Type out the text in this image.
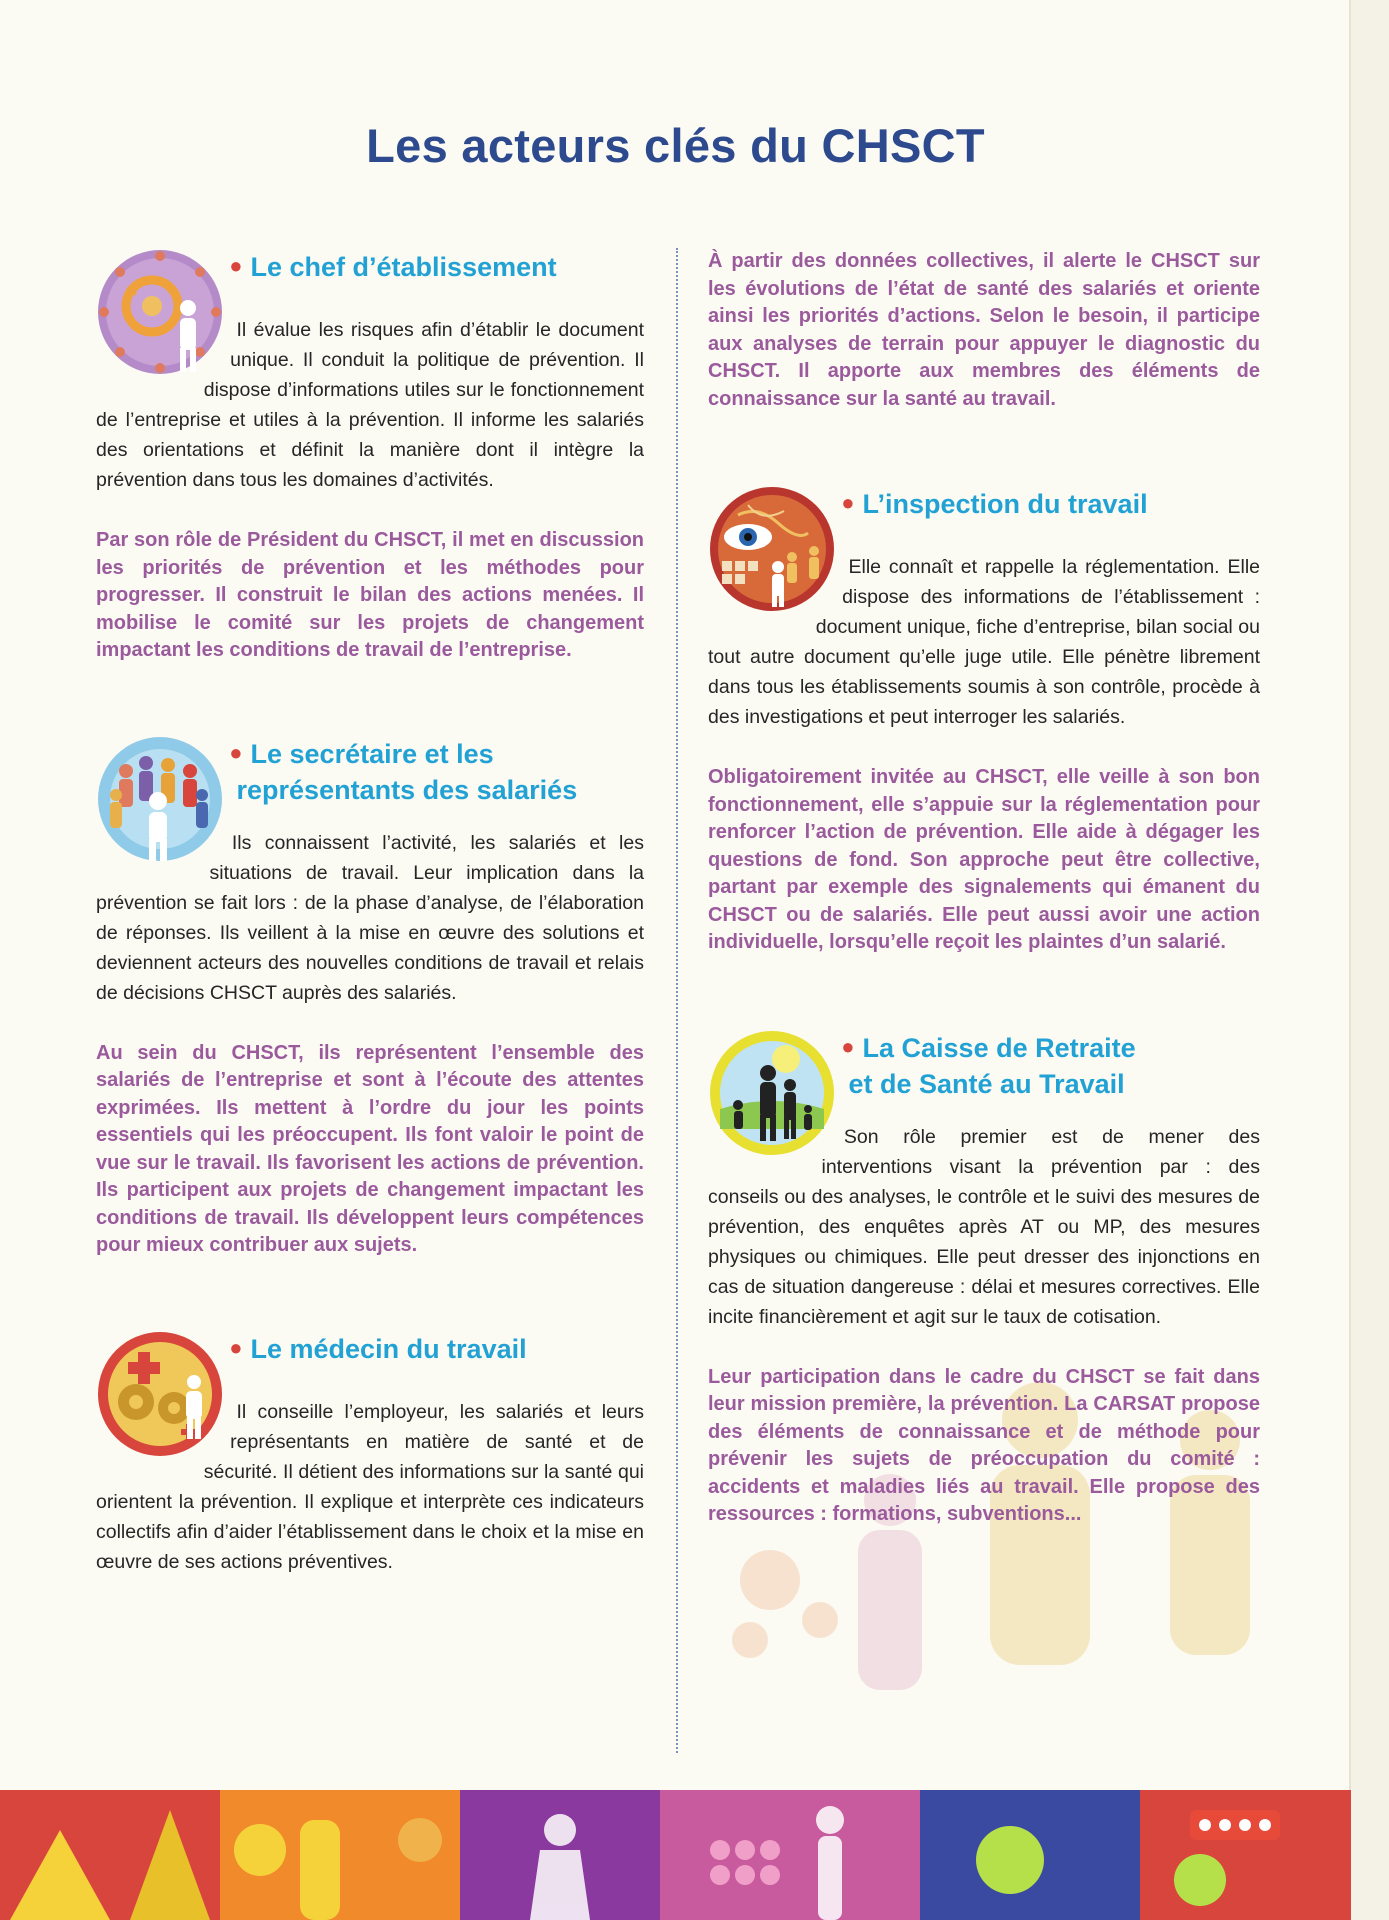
Les acteurs clés du CHSCT
● Le chef d’établissement

Il évalue les risques afin d’établir le document unique. Il conduit la politique de prévention. Il dispose d’informations utiles sur le fonctionnement de l’entreprise et utiles à la prévention. Il informe les salariés des orientations et définit la manière dont il intègre la prévention dans tous les domaines d’activités.

Par son rôle de Président du CHSCT, il met en discussion les priorités de prévention et les méthodes pour progresser. Il construit le bilan des actions menées. Il mobilise le comité sur les projets de changement impactant les conditions de travail de l’entreprise.

● Le secrétaire et les
représentants des salariés

Ils connaissent l’activité, les salariés et les situations de travail. Leur implication dans la prévention se fait lors : de la phase d’analyse, de l’élaboration de réponses. Ils veillent à la mise en œuvre des solutions et deviennent acteurs des nouvelles conditions de travail et relais de décisions CHSCT auprès des salariés.

Au sein du CHSCT, ils représentent l’ensemble des salariés de l’entreprise et sont à l’écoute des attentes exprimées. Ils mettent à l’ordre du jour les points essentiels qui les préoccupent. Ils font valoir le point de vue sur le travail. Ils favorisent les actions de prévention. Ils participent aux projets de changement impactant les conditions de travail. Ils développent leurs compétences pour mieux contribuer aux sujets.

● Le médecin du travail

Il conseille l’employeur, les salariés et leurs représentants en matière de santé et de sécurité. Il détient des informations sur la santé qui orientent la prévention. Il explique et interprète ces indicateurs collectifs afin d’aider l’établissement dans le choix et la mise en œuvre de ses actions préventives.

À partir des données collectives, il alerte le CHSCT sur les évolutions de l’état de santé des salariés et oriente ainsi les priorités d’actions. Selon le besoin, il participe aux analyses de terrain pour appuyer le diagnostic du CHSCT. Il apporte aux membres des éléments de connaissance sur la santé au travail.

● L’inspection du travail

Elle connaît et rappelle la réglementation. Elle dispose des informations de l’établissement : document unique, fiche d’entreprise, bilan social ou tout autre document qu’elle juge utile. Elle pénètre librement dans tous les établissements soumis à son contrôle, procède à des investigations et peut interroger les salariés.

Obligatoirement invitée au CHSCT, elle veille à son bon fonctionnement, elle s’appuie sur la réglementation pour renforcer l’action de prévention. Elle aide à dégager les questions de fond. Son approche peut être collective, partant par exemple des signalements qui émanent du CHSCT ou de salariés. Elle peut aussi avoir une action individuelle, lorsqu’elle reçoit les plaintes d’un salarié.

● La Caisse de Retraite
et de Santé au Travail

Son rôle premier est de mener des interventions visant la prévention par : des conseils ou des analyses, le contrôle et le suivi des mesures de prévention, des enquêtes après AT ou MP, des mesures physiques ou chimiques. Elle peut dresser des injonctions en cas de situation dangereuse : délai et mesures correctives. Elle incite financièrement et agit sur le taux de cotisation.

Leur participation dans le cadre du CHSCT se fait dans leur mission première, la prévention. La CARSAT propose des éléments de connaissance et de méthode pour prévenir les sujets de préoccupation du comité : accidents et maladies liés au travail. Elle propose des ressources : formations, subventions...
